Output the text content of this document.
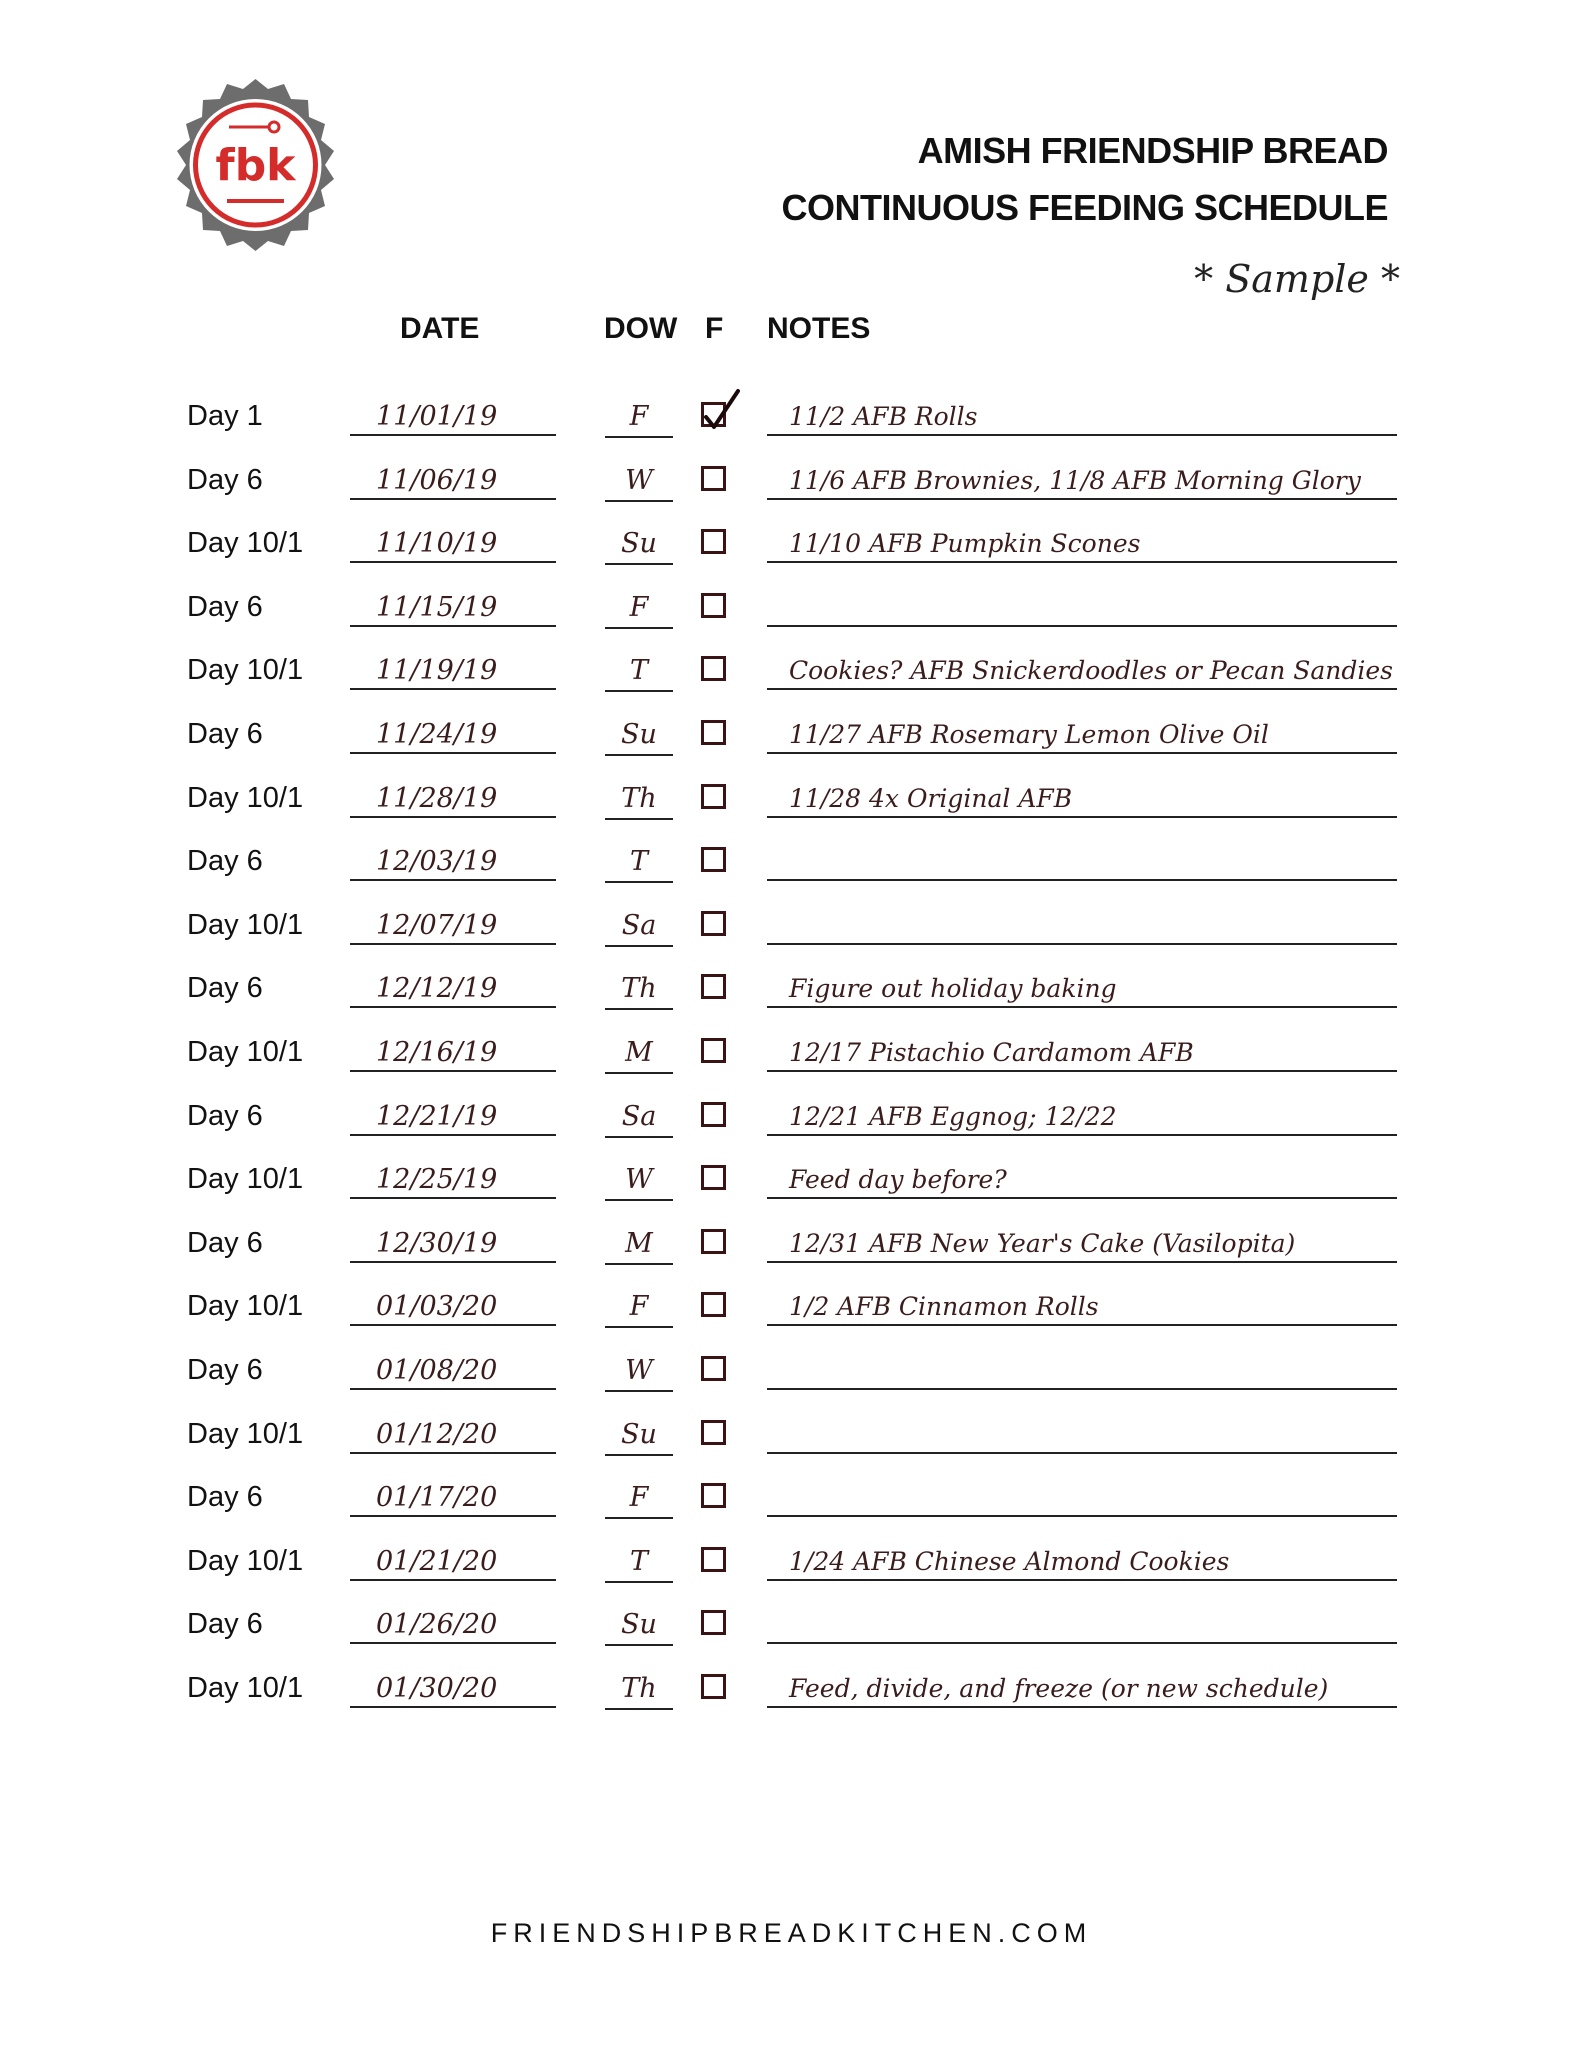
fbk	AMISH FRIENDSHIP BREAD
CONTINUOUS FEEDING SCHEDULE
* Sample *
DATE	DOW F NOTES
Day 1	11/01/19	F	11/2 AFB Rolls
Day 6	11/06/19	W	11/6 AFB Brownies, 11/8 AFB Morning Glory
Day 10/1	11/10/19	Su	11/10 AFB Pumpkin Scones
Day 6	11/15/19	F
Day 10/1	11/19/19	T	Cookies? AFB Snickerdoodles or Pecan Sandies
Day 6	11/24/19	Su	11/27 AFB Rosemary Lemon Olive Oil
Day 10/1	11/28/19	Th	11/28 4x Original AFB
Day 6	12/03/19	T
Day 10/1	12/07/19	Sa
Day 6	12/12/19	Th	Figure out holiday baking
Day 10/1	12/16/19	M	12/17 Pistachio Cardamom AFB
Day 6	12/21/19	Sa	12/21 AFB Eggnog; 12/22
Day 10/1	12/25/19	W	Feed day before?
Day 6	12/30/19	M	12/31 AFB New Year's Cake (Vasilopita)
Day 10/1	01/03/20	F	1/2 AFB Cinnamon Rolls
Day 6	01/08/20	W
Day 10/1	01/12/20	Su
Day 6	01/17/20	F
Day 10/1	01/21/20	T	1/24 AFB Chinese Almond Cookies
Day 6	01/26/20	Su
Day 10/1	01/30/20	Th	Feed, divide, and freeze (or new schedule)
FRIENDSHIPBREADKITCHEN.COM
